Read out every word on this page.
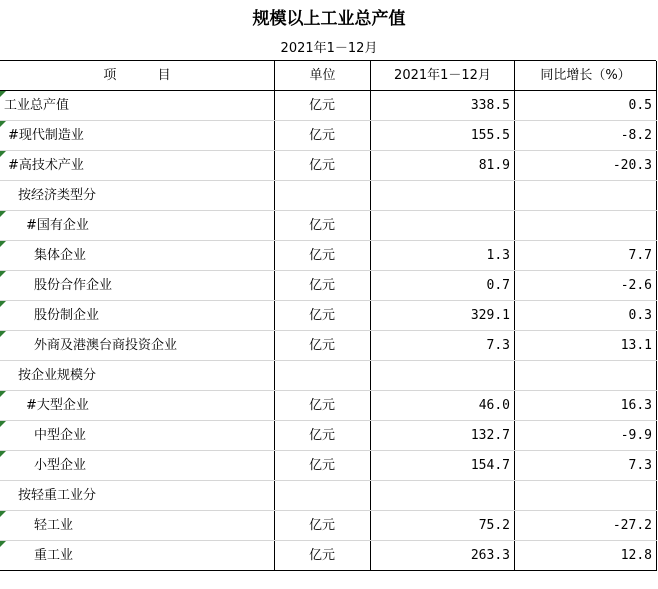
规模以上工业总产值
2021年1－12月
项          目	单位	2021年1－12月	同比增长（%）
工业总产值	亿元	338.5	0.5
#现代制造业	亿元	155.5	-8.2
#高技术产业	亿元	81.9	-20.3
按经济类型分			
#国有企业	亿元		
集体企业	亿元	1.3	7.7
股份合作企业	亿元	0.7	-2.6
股份制企业	亿元	329.1	0.3
外商及港澳台商投资企业	亿元	7.3	13.1
按企业规模分			
#大型企业	亿元	46.0	16.3
中型企业	亿元	132.7	-9.9
小型企业	亿元	154.7	7.3
按轻重工业分			
轻工业	亿元	75.2	-27.2
重工业	亿元	263.3	12.8
